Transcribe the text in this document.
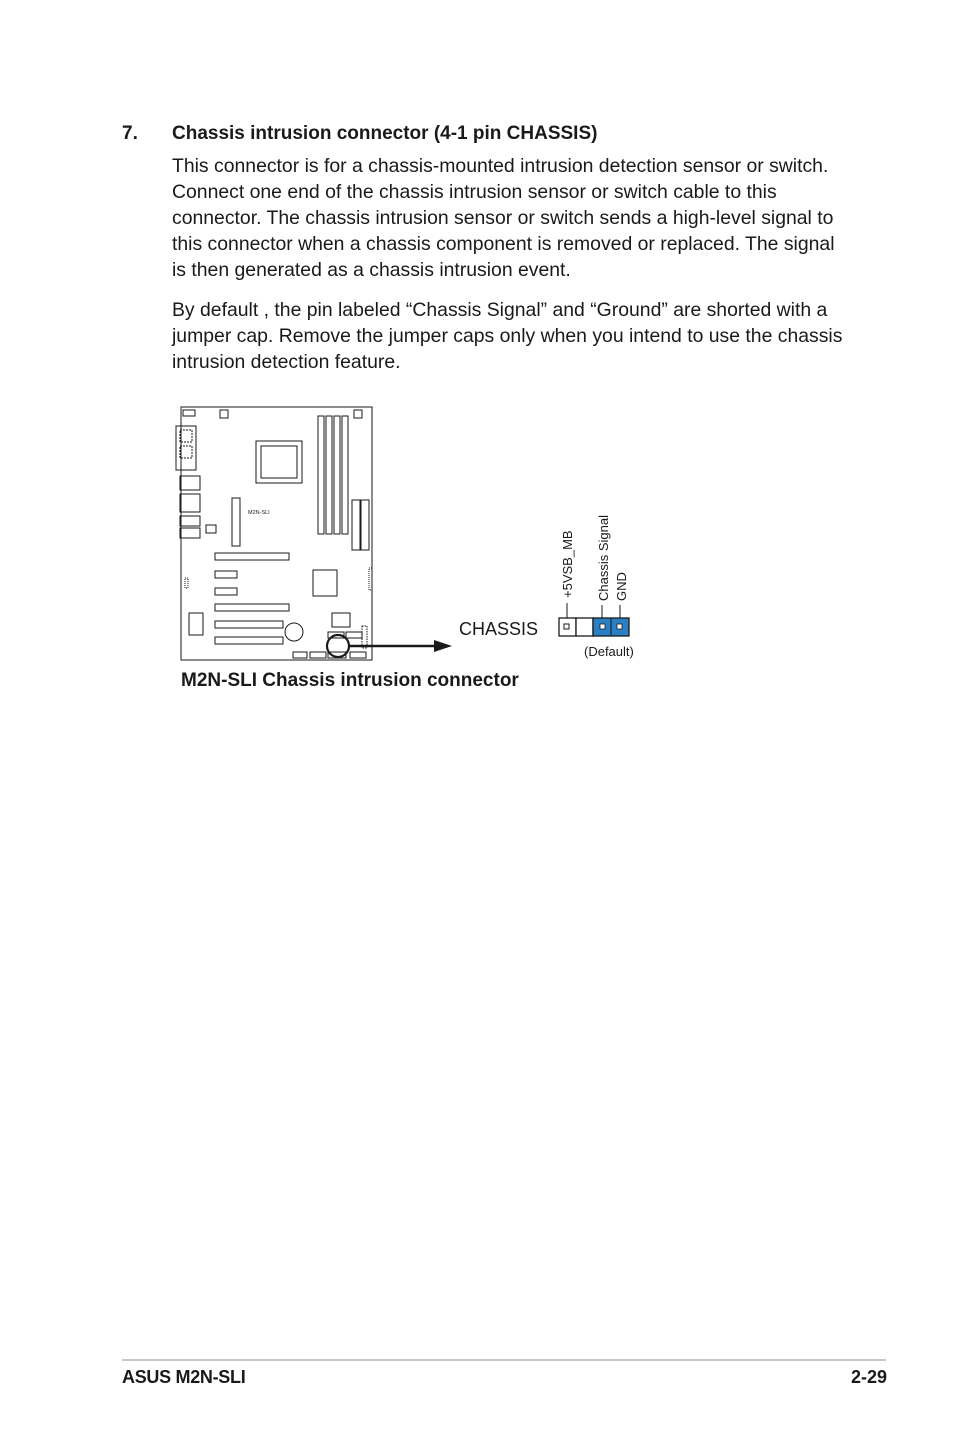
7. Chassis intrusion connector (4-1 pin CHASSIS)

This connector is for a chassis-mounted intrusion detection sensor or switch. Connect one end of the chassis intrusion sensor or switch cable to this connector. The chassis intrusion sensor or switch sends a high-level signal to this connector when a chassis component is removed or replaced. The signal is then generated as a chassis intrusion event.

By default , the pin labeled “Chassis Signal” and “Ground” are shorted with a jumper cap. Remove the jumper caps only when you intend to use the chassis intrusion detection feature.

M2N-SLI
CHASSIS
+5VSB_MB Chassis Signal GND
(Default)
M2N-SLI Chassis intrusion connector
ASUS M2N-SLI	2-29
